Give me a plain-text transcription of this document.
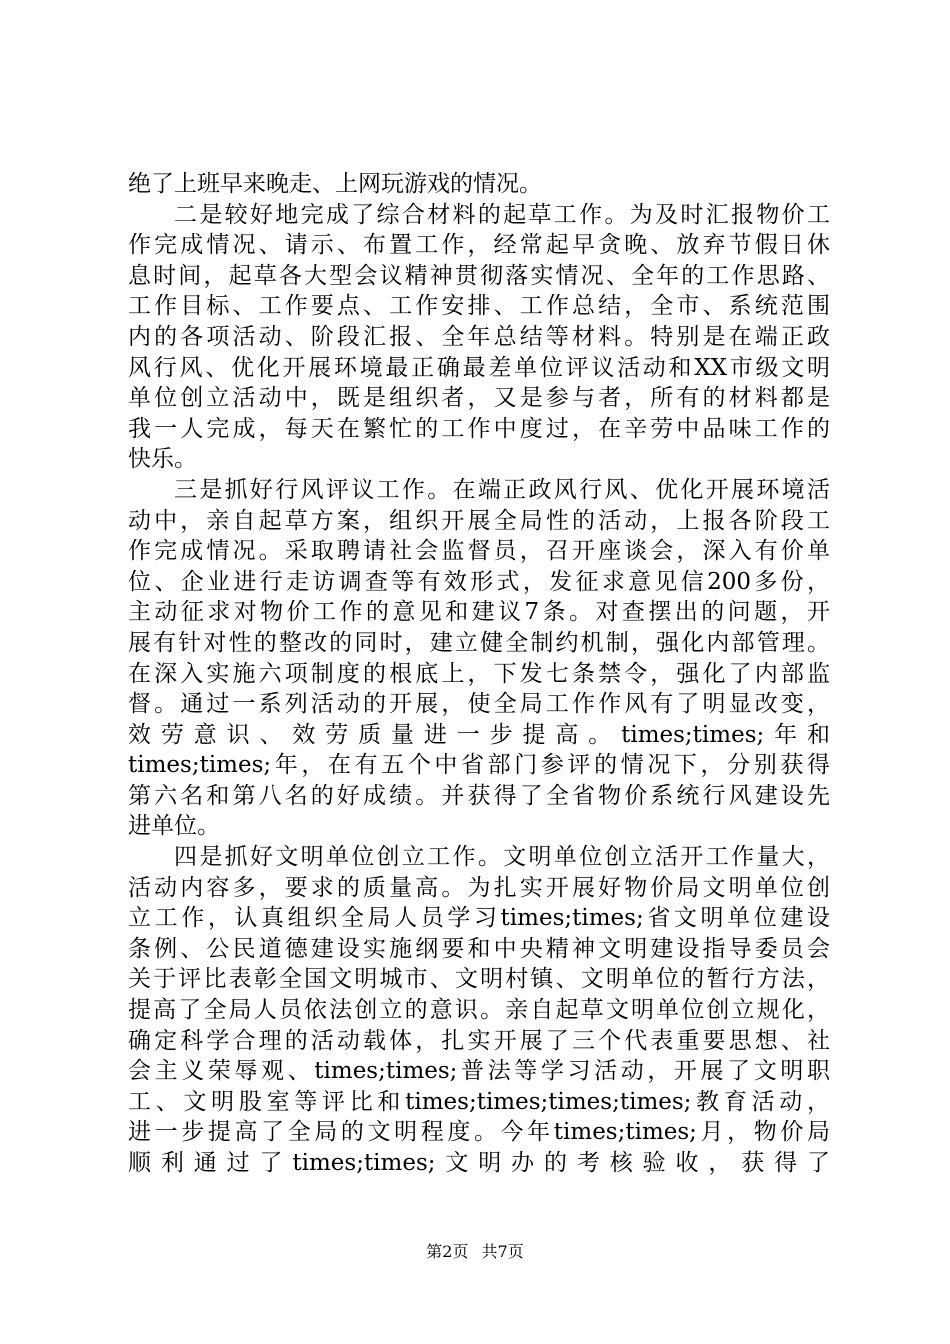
绝了上班早来晚走、上网玩游戏的情况。
二是较好地完成了综合材料的起草工作。为及时汇报物价工
作完成情况、请示、布置工作，经常起早贪晚、放弃节假日休
息时间，起草各大型会议精神贯彻落实情况、全年的工作思路、
工作目标、工作要点、工作安排、工作总结，全市、系统范围
内的各项活动、阶段汇报、全年总结等材料。特别是在端正政
风行风、优化开展环境最正确最差单位评议活动和XX市级文明
单位创立活动中，既是组织者，又是参与者，所有的材料都是
我一人完成，每天在繁忙的工作中度过，在辛劳中品味工作的
快乐。
三是抓好行风评议工作。在端正政风行风、优化开展环境活
动中，亲自起草方案，组织开展全局性的活动，上报各阶段工
作完成情况。采取聘请社会监督员，召开座谈会，深入有价单
位、企业进行走访调查等有效形式，发征求意见信200多份，
主动征求对物价工作的意见和建议7条。对查摆出的问题，开
展有针对性的整改的同时，建立健全制约机制，强化内部管理。
在深入实施六项制度的根底上，下发七条禁令，强化了内部监
督。通过一系列活动的开展，使全局工作作风有了明显改变，
效劳意识、效劳质量进一步提高。times;times;年和
times;times;年，在有五个中省部门参评的情况下，分别获得
第六名和第八名的好成绩。并获得了全省物价系统行风建设先
进单位。
四是抓好文明单位创立工作。文明单位创立活开工作量大，
活动内容多，要求的质量高。为扎实开展好物价局文明单位创
立工作，认真组织全局人员学习times;times;省文明单位建设
条例、公民道德建设实施纲要和中央精神文明建设指导委员会
关于评比表彰全国文明城市、文明村镇、文明单位的暂行方法，
提高了全局人员依法创立的意识。亲自起草文明单位创立规化，
确定科学合理的活动载体，扎实开展了三个代表重要思想、社
会主义荣辱观、times;times;普法等学习活动，开展了文明职
工、文明股室等评比和times;times;times;times;教育活动，
进一步提高了全局的文明程度。今年times;times;月，物价局
顺利通过了times;times;文明办的考核验收，获得了
第2页 共7页
